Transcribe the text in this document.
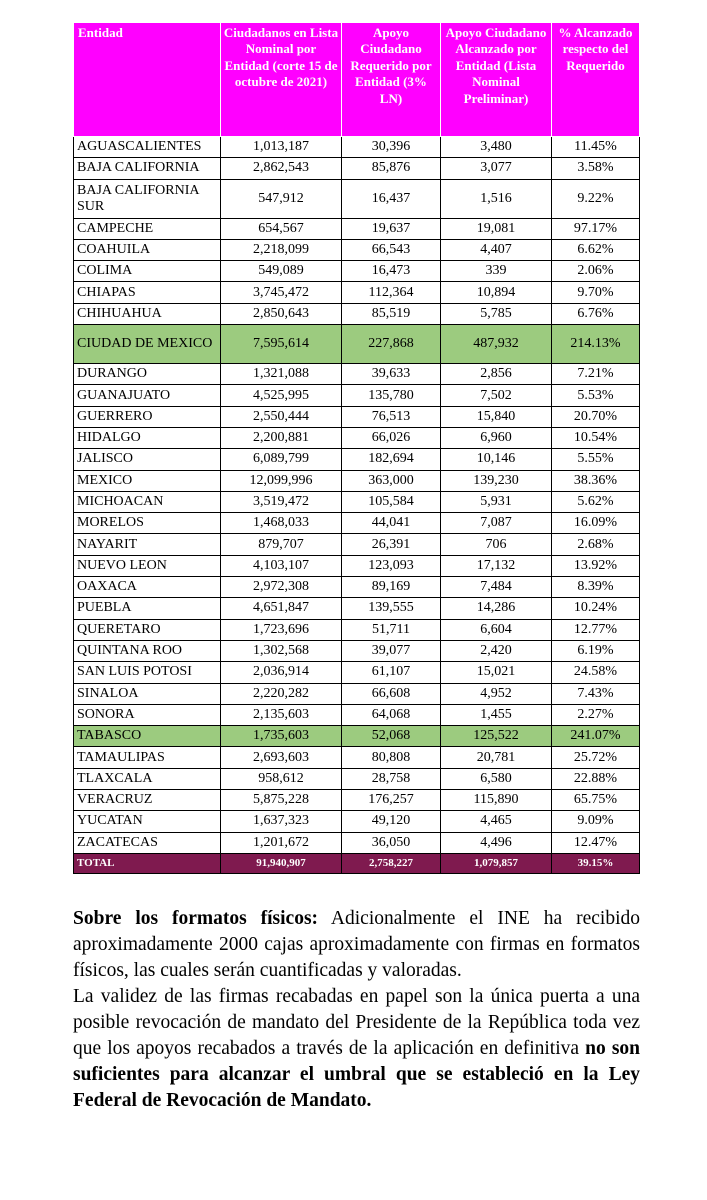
Entidad	Ciudadanos en Lista Nominal por Entidad (corte 15 de octubre de 2021)	Apoyo Ciudadano Requerido por Entidad (3% LN)	Apoyo Ciudadano Alcanzado por Entidad (Lista Nominal Preliminar)	% Alcanzado respecto del Requerido
AGUASCALIENTES	1,013,187	30,396	3,480	11.45%
BAJA CALIFORNIA	2,862,543	85,876	3,077	3.58%
BAJA CALIFORNIA SUR	547,912	16,437	1,516	9.22%
CAMPECHE	654,567	19,637	19,081	97.17%
COAHUILA	2,218,099	66,543	4,407	6.62%
COLIMA	549,089	16,473	339	2.06%
CHIAPAS	3,745,472	112,364	10,894	9.70%
CHIHUAHUA	2,850,643	85,519	5,785	6.76%
CIUDAD DE MEXICO	7,595,614	227,868	487,932	214.13%
DURANGO	1,321,088	39,633	2,856	7.21%
GUANAJUATO	4,525,995	135,780	7,502	5.53%
GUERRERO	2,550,444	76,513	15,840	20.70%
HIDALGO	2,200,881	66,026	6,960	10.54%
JALISCO	6,089,799	182,694	10,146	5.55%
MEXICO	12,099,996	363,000	139,230	38.36%
MICHOACAN	3,519,472	105,584	5,931	5.62%
MORELOS	1,468,033	44,041	7,087	16.09%
NAYARIT	879,707	26,391	706	2.68%
NUEVO LEON	4,103,107	123,093	17,132	13.92%
OAXACA	2,972,308	89,169	7,484	8.39%
PUEBLA	4,651,847	139,555	14,286	10.24%
QUERETARO	1,723,696	51,711	6,604	12.77%
QUINTANA ROO	1,302,568	39,077	2,420	6.19%
SAN LUIS POTOSI	2,036,914	61,107	15,021	24.58%
SINALOA	2,220,282	66,608	4,952	7.43%
SONORA	2,135,603	64,068	1,455	2.27%
TABASCO	1,735,603	52,068	125,522	241.07%
TAMAULIPAS	2,693,603	80,808	20,781	25.72%
TLAXCALA	958,612	28,758	6,580	22.88%
VERACRUZ	5,875,228	176,257	115,890	65.75%
YUCATAN	1,637,323	49,120	4,465	9.09%
ZACATECAS	1,201,672	36,050	4,496	12.47%
TOTAL	91,940,907	2,758,227	1,079,857	39.15%

Sobre los formatos físicos: Adicionalmente el INE ha recibido aproximadamente 2000 cajas aproximadamente con firmas en formatos físicos, las cuales serán cuantificadas y valoradas.

La validez de las firmas recabadas en papel son la única puerta a una posible revocación de mandato del Presidente de la República toda vez que los apoyos recabados a través de la aplicación en definitiva no son suficientes para alcanzar el umbral que se estableció en la Ley Federal de Revocación de Mandato.
